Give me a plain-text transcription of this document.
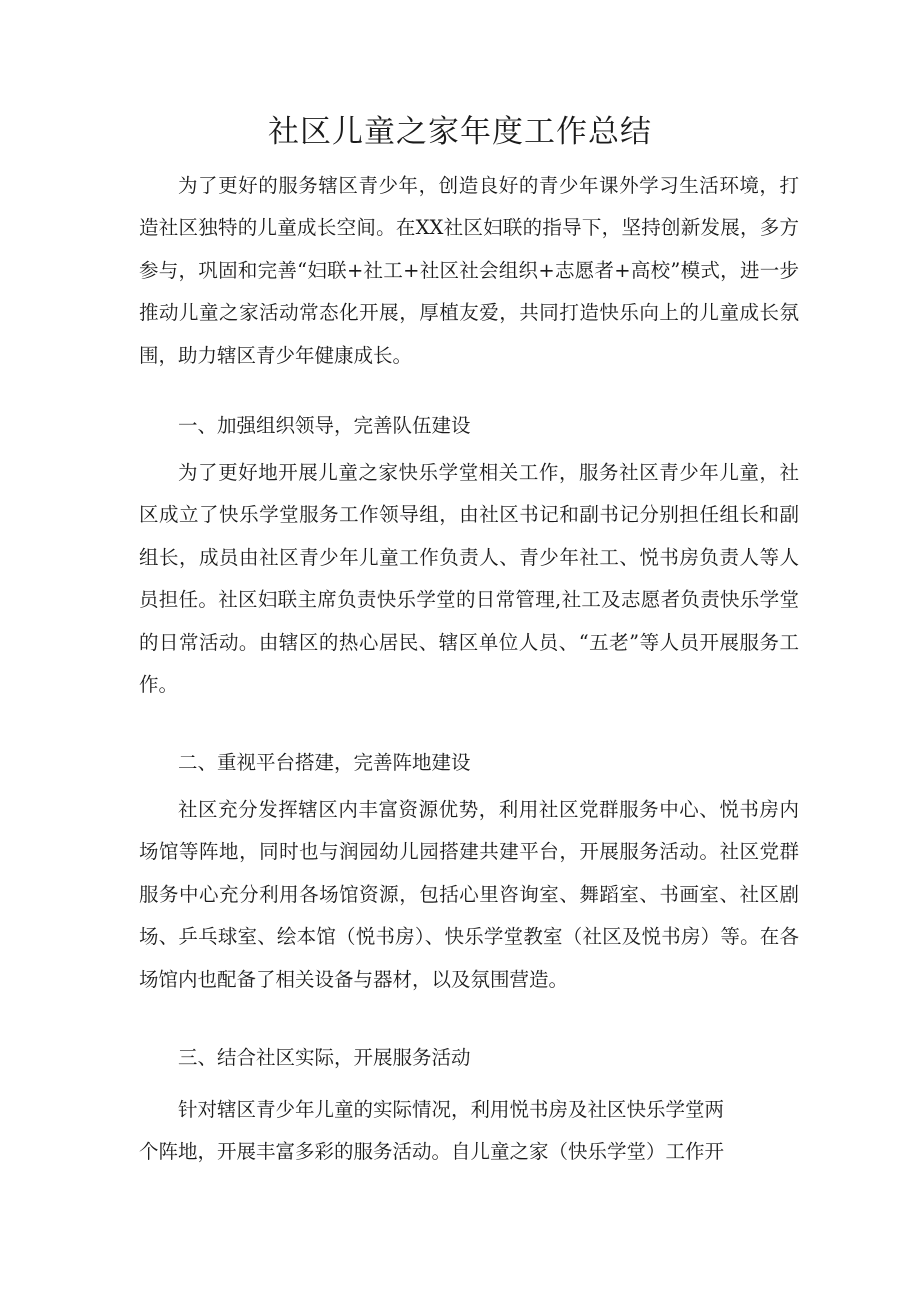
社区儿童之家年度工作总结

为了更好的服务辖区青少年，创造良好的青少年课外学习生活环境，打造社区独特的儿童成长空间。在XX社区妇联的指导下，坚持创新发展，多方参与，巩固和完善“妇联+社工+社区社会组织+志愿者+高校”模式，进一步推动儿童之家活动常态化开展，厚植友爱，共同打造快乐向上的儿童成长氛围，助力辖区青少年健康成长。

一、加强组织领导，完善队伍建设

为了更好地开展儿童之家快乐学堂相关工作，服务社区青少年儿童，社区成立了快乐学堂服务工作领导组，由社区书记和副书记分别担任组长和副组长，成员由社区青少年儿童工作负责人、青少年社工、悦书房负责人等人员担任。社区妇联主席负责快乐学堂的日常管理,社工及志愿者负责快乐学堂的日常活动。由辖区的热心居民、辖区单位人员、“五老”等人员开展服务工作。

二、重视平台搭建，完善阵地建设

社区充分发挥辖区内丰富资源优势，利用社区党群服务中心、悦书房内场馆等阵地，同时也与润园幼儿园搭建共建平台，开展服务活动。社区党群服务中心充分利用各场馆资源，包括心里咨询室、舞蹈室、书画室、社区剧场、乒乓球室、绘本馆（悦书房）、快乐学堂教室（社区及悦书房）等。在各场馆内也配备了相关设备与器材，以及氛围营造。

三、结合社区实际，开展服务活动

针对辖区青少年儿童的实际情况，利用悦书房及社区快乐学堂两

个阵地，开展丰富多彩的服务活动。自儿童之家（快乐学堂）工作开
